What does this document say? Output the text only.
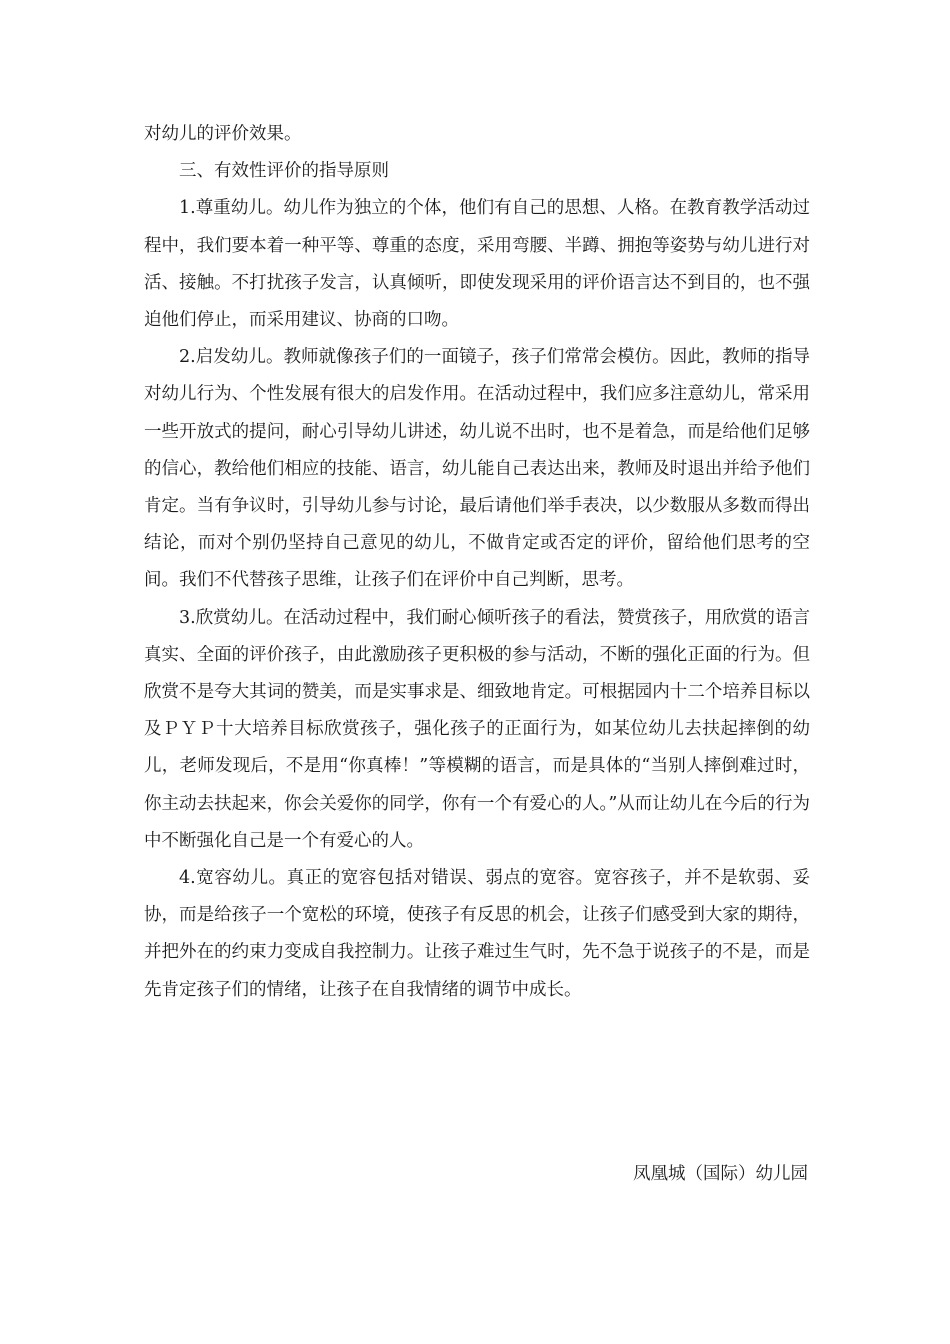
对幼儿的评价效果。

三、有效性评价的指导原则

1.尊重幼儿。幼儿作为独立的个体，他们有自己的思想、人格。在教育教学活动过程中，我们要本着一种平等、尊重的态度，采用弯腰、半蹲、拥抱等姿势与幼儿进行对活、接触。不打扰孩子发言，认真倾听，即使发现采用的评价语言达不到目的，也不强迫他们停止，而采用建议、协商的口吻。

2.启发幼儿。教师就像孩子们的一面镜子，孩子们常常会模仿。因此，教师的指导对幼儿行为、个性发展有很大的启发作用。在活动过程中，我们应多注意幼儿，常采用一些开放式的提问，耐心引导幼儿讲述，幼儿说不出时，也不是着急，而是给他们足够的信心，教给他们相应的技能、语言，幼儿能自己表达出来，教师及时退出并给予他们肯定。当有争议时，引导幼儿参与讨论，最后请他们举手表决，以少数服从多数而得出结论，而对个别仍坚持自己意见的幼儿，不做肯定或否定的评价，留给他们思考的空间。我们不代替孩子思维，让孩子们在评价中自己判断，思考。

3.欣赏幼儿。在活动过程中，我们耐心倾听孩子的看法，赞赏孩子，用欣赏的语言真实、全面的评价孩子，由此激励孩子更积极的参与活动，不断的强化正面的行为。但欣赏不是夸大其词的赞美，而是实事求是、细致地肯定。可根据园内十二个培养目标以及ＰＹＰ十大培养目标欣赏孩子，强化孩子的正面行为，如某位幼儿去扶起摔倒的幼儿，老师发现后，不是用“你真棒！”等模糊的语言，而是具体的“当别人摔倒难过时，你主动去扶起来，你会关爱你的同学，你有一个有爱心的人。”从而让幼儿在今后的行为中不断强化自己是一个有爱心的人。

4.宽容幼儿。真正的宽容包括对错误、弱点的宽容。宽容孩子，并不是软弱、妥协，而是给孩子一个宽松的环境，使孩子有反思的机会，让孩子们感受到大家的期待，并把外在的约束力变成自我控制力。让孩子难过生气时，先不急于说孩子的不是，而是先肯定孩子们的情绪，让孩子在自我情绪的调节中成长。

凤凰城（国际）幼儿园
